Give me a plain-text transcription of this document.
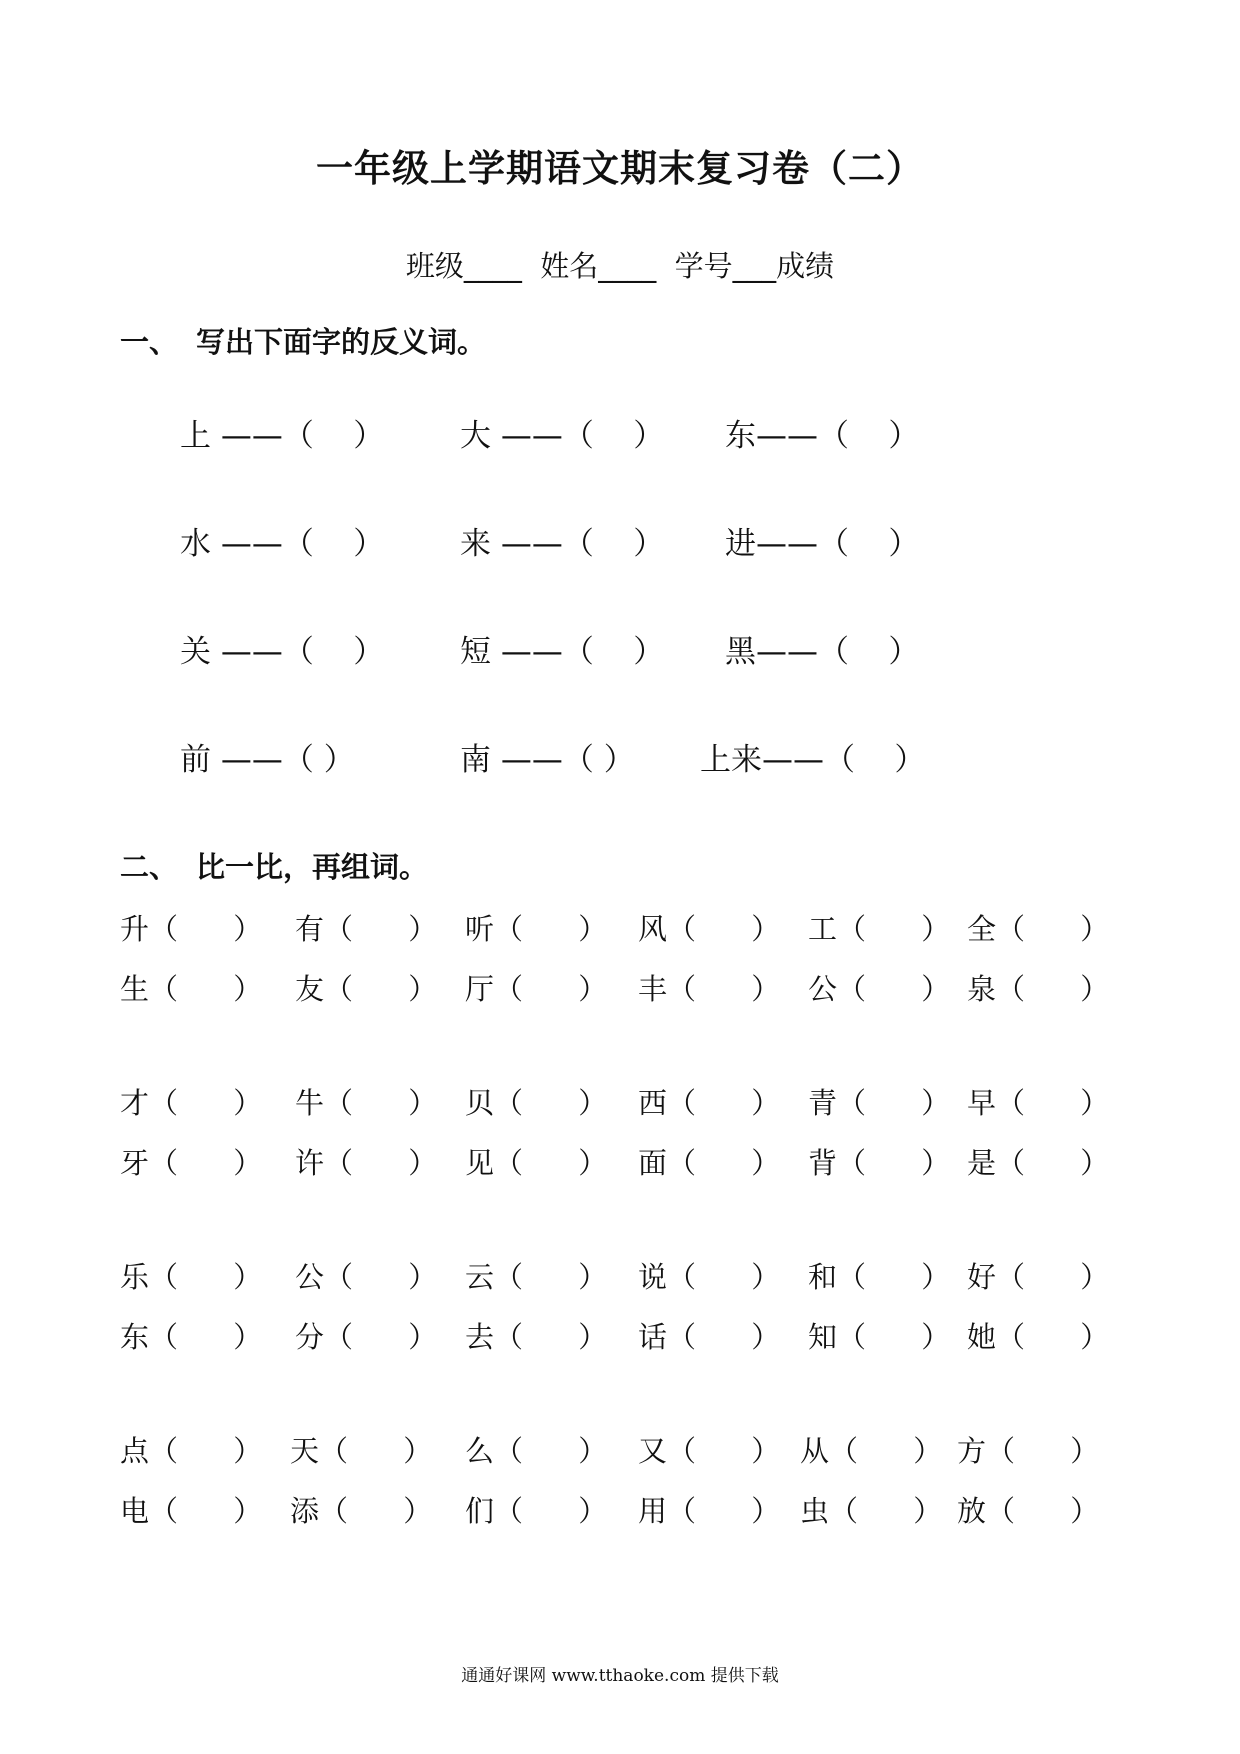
一年级上学期语文期末复习卷（二）
班级____  姓名____  学号___成绩
一、 写出下面字的反义词。
上 ——（    ） 大 ——（    ） 东——（    ）
水 ——（    ） 来 ——（    ） 进——（    ）
关 ——（    ） 短 ——（    ） 黑——（    ）
前 ——（ ）	南 ——（ ） 上来——（    ）
二、 比一比，再组词。
升（      ） 有（      ） 听（      ） 风（      ） 工（      ） 全（      ）
生（      ） 友（      ） 厅（      ） 丰（      ） 公（      ） 泉（      ）
才（      ） 牛（      ） 贝（      ） 西（      ） 青（      ） 早（      ）
牙（      ） 许（      ） 见（      ） 面（      ） 背（      ） 是（      ）
乐（      ） 公（      ） 云（      ） 说（      ） 和（      ） 好（      ）
东（      ） 分（      ） 去（      ） 话（      ） 知（      ） 她（      ）
点（      ） 天（      ） 么（      ） 又（      ） 从（      ） 方（      ）
电（      ） 添（      ） 们（      ） 用（      ） 虫（      ） 放（      ）
通通好课网 www.tthaoke.com 提供下载
